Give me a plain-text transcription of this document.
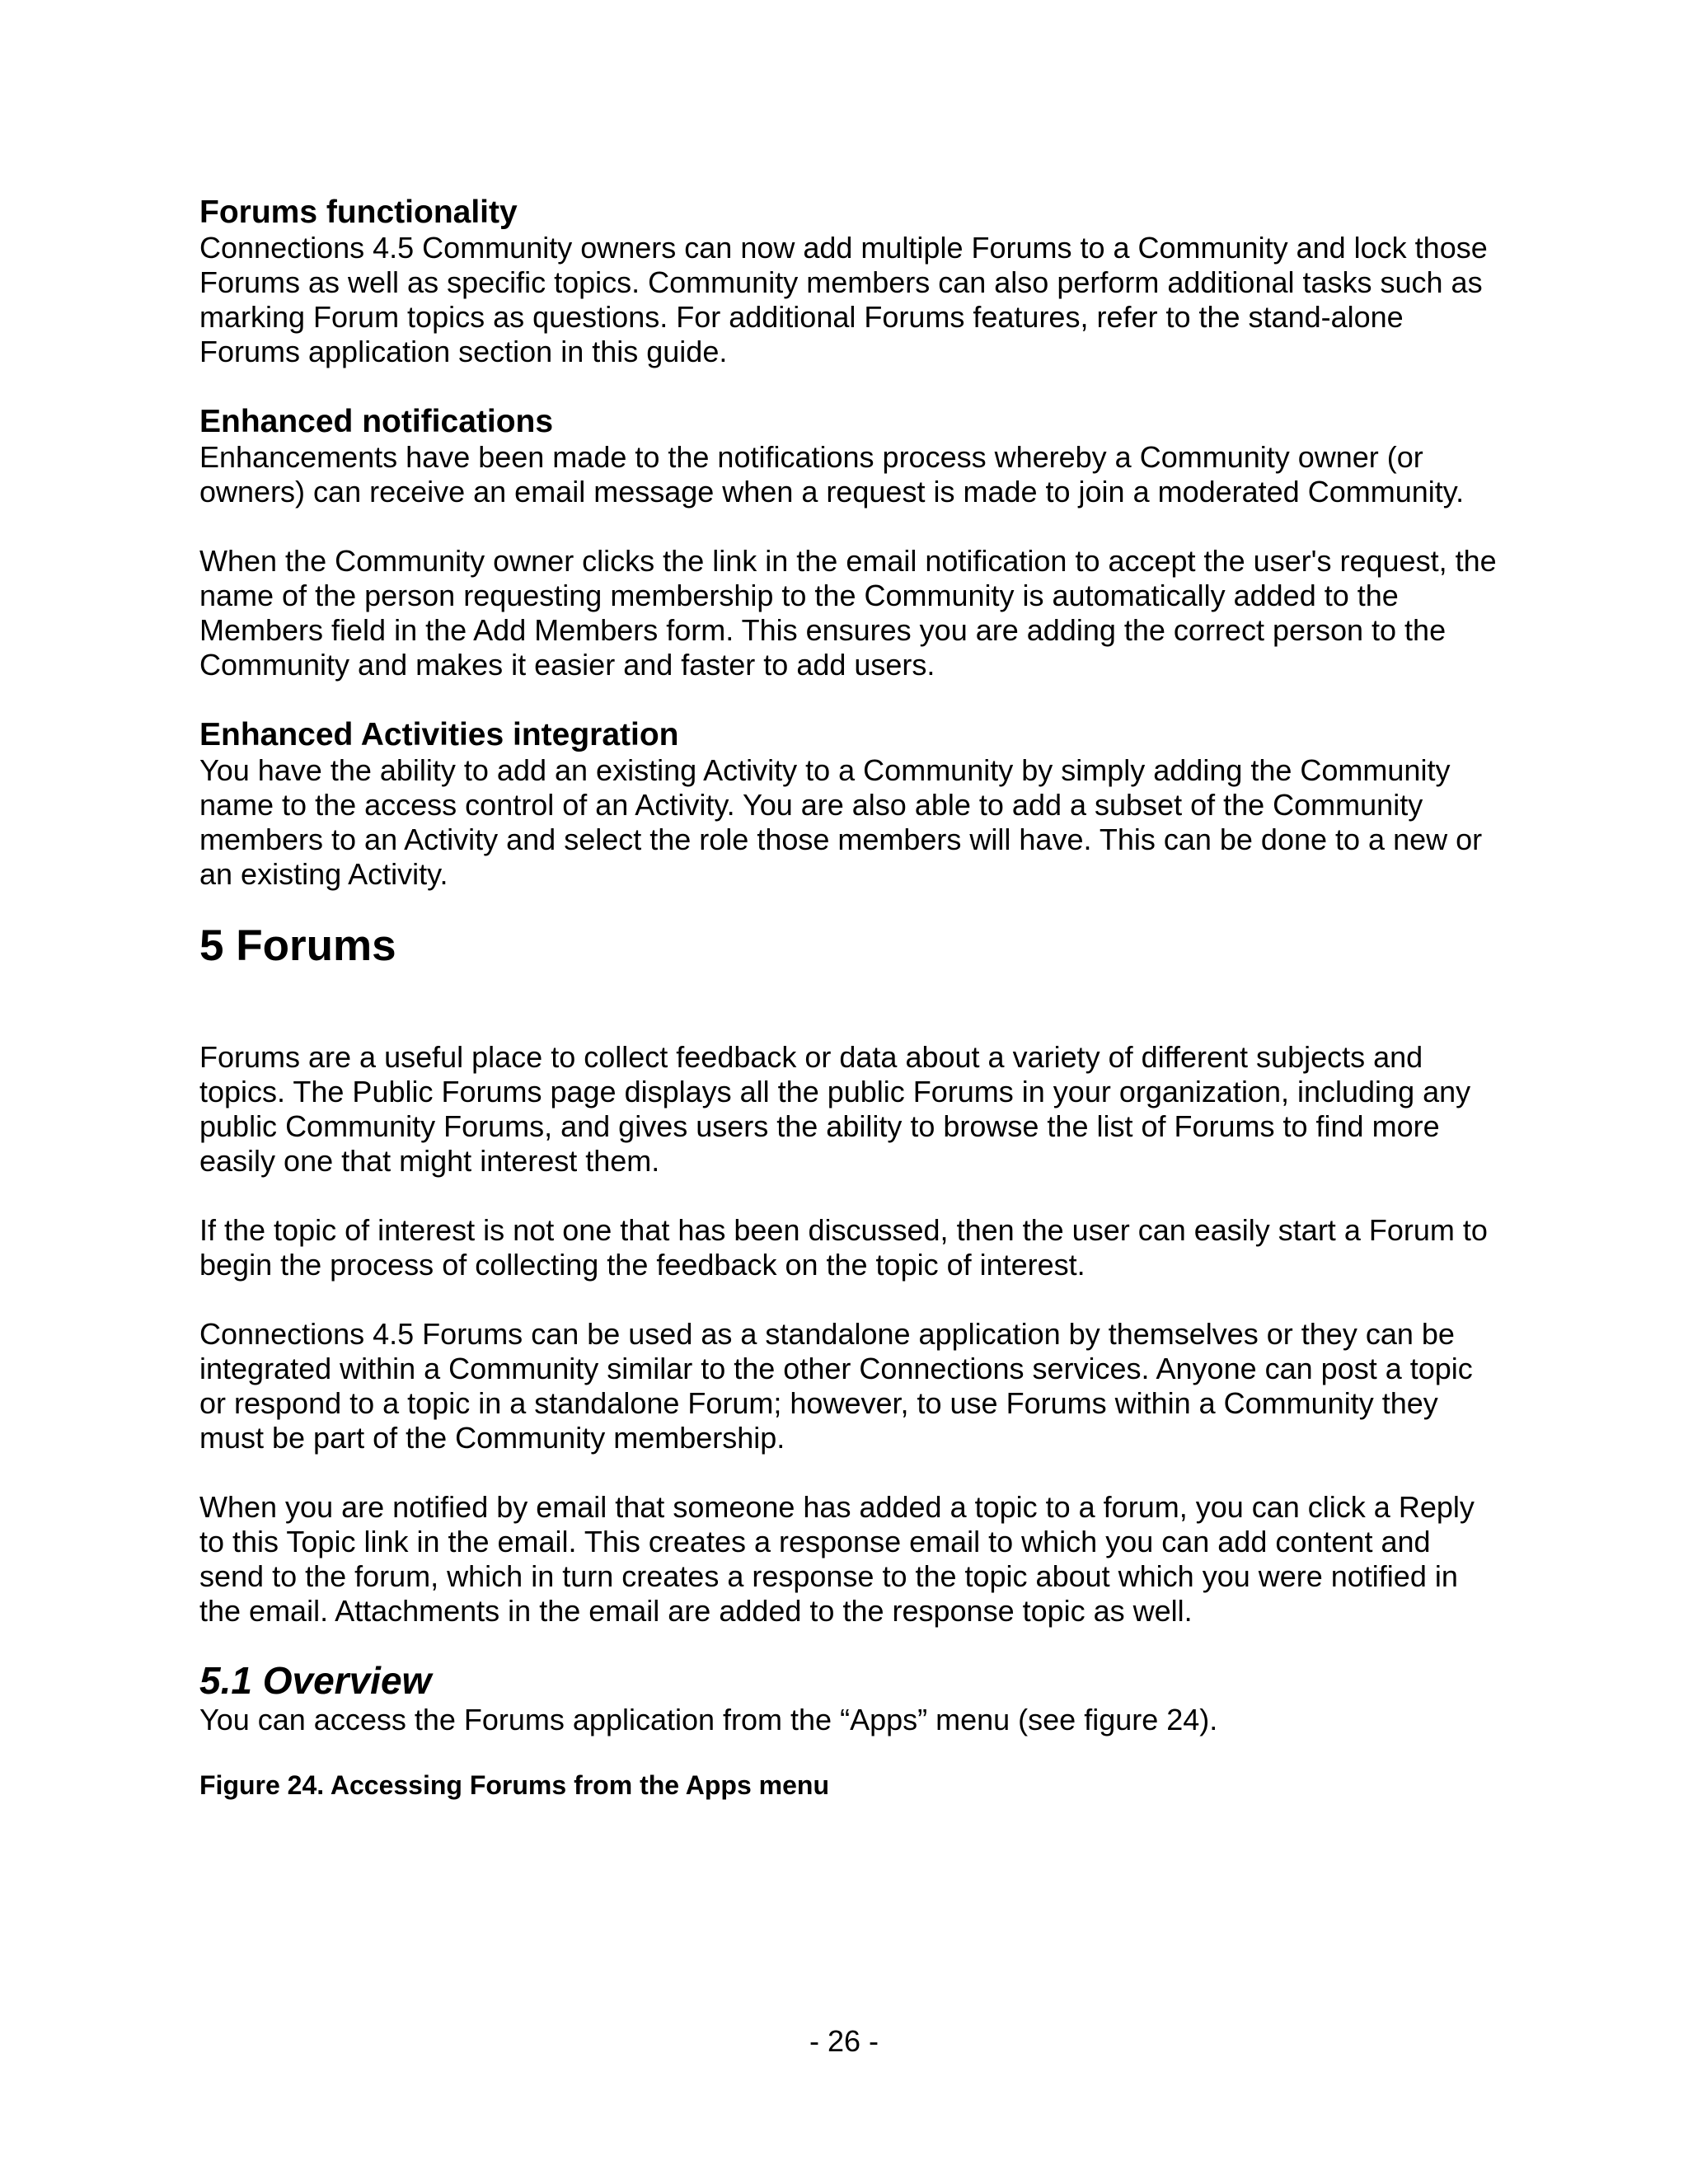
Forums functionality

Connections 4.5 Community owners can now add multiple Forums to a Community and lock those Forums as well as specific topics. Community members can also perform additional tasks such as marking Forum topics as questions. For additional Forums features, refer to the stand-alone Forums application section in this guide.

Enhanced notifications

Enhancements have been made to the notifications process whereby a Community owner (or owners) can receive an email message when a request is made to join a moderated Community.

When the Community owner clicks the link in the email notification to accept the user's request, the name of the person requesting membership to the Community is automatically added to the Members field in the Add Members form. This ensures you are adding the correct person to the Community and makes it easier and faster to add users.

Enhanced Activities integration

You have the ability to add an existing Activity to a Community by simply adding the Community name to the access control of an Activity. You are also able to add a subset of the Community members to an Activity and select the role those members will have. This can be done to a new or an existing Activity.

5 Forums

Forums are a useful place to collect feedback or data about a variety of different subjects and topics. The Public Forums page displays all the public Forums in your organization, including any public Community Forums, and gives users the ability to browse the list of Forums to find more easily one that might interest them.

If the topic of interest is not one that has been discussed, then the user can easily start a Forum to begin the process of collecting the feedback on the topic of interest.

Connections 4.5 Forums can be used as a standalone application by themselves or they can be integrated within a Community similar to the other Connections services. Anyone can post a topic or respond to a topic in a standalone Forum; however, to use Forums within a Community they must be part of the Community membership.

When you are notified by email that someone has added a topic to a forum, you can click a Reply to this Topic link in the email. This creates a response email to which you can add content and send to the forum, which in turn creates a response to the topic about which you were notified in the email. Attachments in the email are added to the response topic as well.

5.1 Overview

You can access the Forums application from the “Apps” menu (see figure 24).

Figure 24. Accessing Forums from the Apps menu

- 26 -
